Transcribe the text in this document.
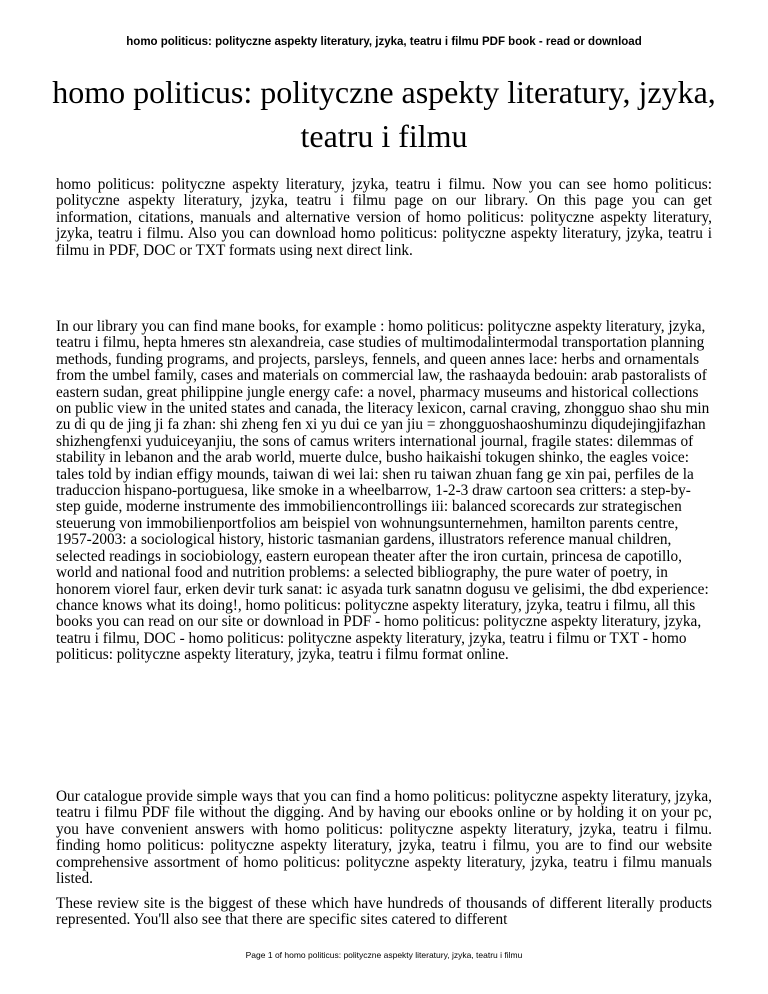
homo politicus: polityczne aspekty literatury, jzyka, teatru i filmu PDF book - read or download
homo politicus: polityczne aspekty literatury, jzyka, teatru i filmu

homo politicus: polityczne aspekty literatury, jzyka, teatru i filmu. Now you can see homo politicus: polityczne aspekty literatury, jzyka, teatru i filmu page on our library. On this page you can get information, citations, manuals and alternative version of homo politicus: polityczne aspekty literatury, jzyka, teatru i filmu. Also you can download homo politicus: polityczne aspekty literatury, jzyka, teatru i filmu in PDF, DOC or TXT formats using next direct link.

In our library you can find mane books, for example : homo politicus: polityczne aspekty literatury, jzyka, teatru i filmu, hepta hmeres stn alexandreia, case studies of multimodalintermodal transportation planning methods, funding programs, and projects, parsleys, fennels, and queen annes lace: herbs and ornamentals from the umbel family, cases and materials on commercial law, the rashaayda bedouin: arab pastoralists of eastern sudan, great philippine jungle energy cafe: a novel, pharmacy museums and historical collections on public view in the united states and canada, the literacy lexicon, carnal craving, zhongguo shao shu min zu di qu de jing ji fa zhan: shi zheng fen xi yu dui ce yan jiu = zhongguoshaoshuminzu diqudejingjifazhan shizhengfenxi yuduiceyanjiu, the sons of camus writers international journal, fragile states: dilemmas of stability in lebanon and the arab world, muerte dulce, busho haikaishi tokugen shinko, the eagles voice: tales told by indian effigy mounds, taiwan di wei lai: shen ru taiwan zhuan fang ge xin pai, perfiles de la traduccion hispano-portuguesa, like smoke in a wheelbarrow, 1-2-3 draw cartoon sea critters: a step-by-step guide, moderne instrumente des immobiliencontrollings iii: balanced scorecards zur strategischen steuerung von immobilienportfolios am beispiel von wohnungsunternehmen, hamilton parents centre, 1957-2003: a sociological history, historic tasmanian gardens, illustrators reference manual children, selected readings in sociobiology, eastern european theater after the iron curtain, princesa de capotillo, world and national food and nutrition problems: a selected bibliography, the pure water of poetry, in honorem viorel faur, erken devir turk sanat: ic asyada turk sanatnn dogusu ve gelisimi, the dbd experience: chance knows what its doing!, homo politicus: polityczne aspekty literatury, jzyka, teatru i filmu, all this books you can read on our site or download in PDF - homo politicus: polityczne aspekty literatury, jzyka, teatru i filmu, DOC - homo politicus: polityczne aspekty literatury, jzyka, teatru i filmu or TXT - homo politicus: polityczne aspekty literatury, jzyka, teatru i filmu format online.

Our catalogue provide simple ways that you can find a homo politicus: polityczne aspekty literatury, jzyka, teatru i filmu PDF file without the digging. And by having our ebooks online or by holding it on your pc, you have convenient answers with homo politicus: polityczne aspekty literatury, jzyka, teatru i filmu. finding homo politicus: polityczne aspekty literatury, jzyka, teatru i filmu, you are to find our website comprehensive assortment of homo politicus: polityczne aspekty literatury, jzyka, teatru i filmu manuals listed.

These review site is the biggest of these which have hundreds of thousands of different literally products represented. You'll also see that there are specific sites catered to different

Page 1 of homo politicus: polityczne aspekty literatury, jzyka, teatru i filmu
